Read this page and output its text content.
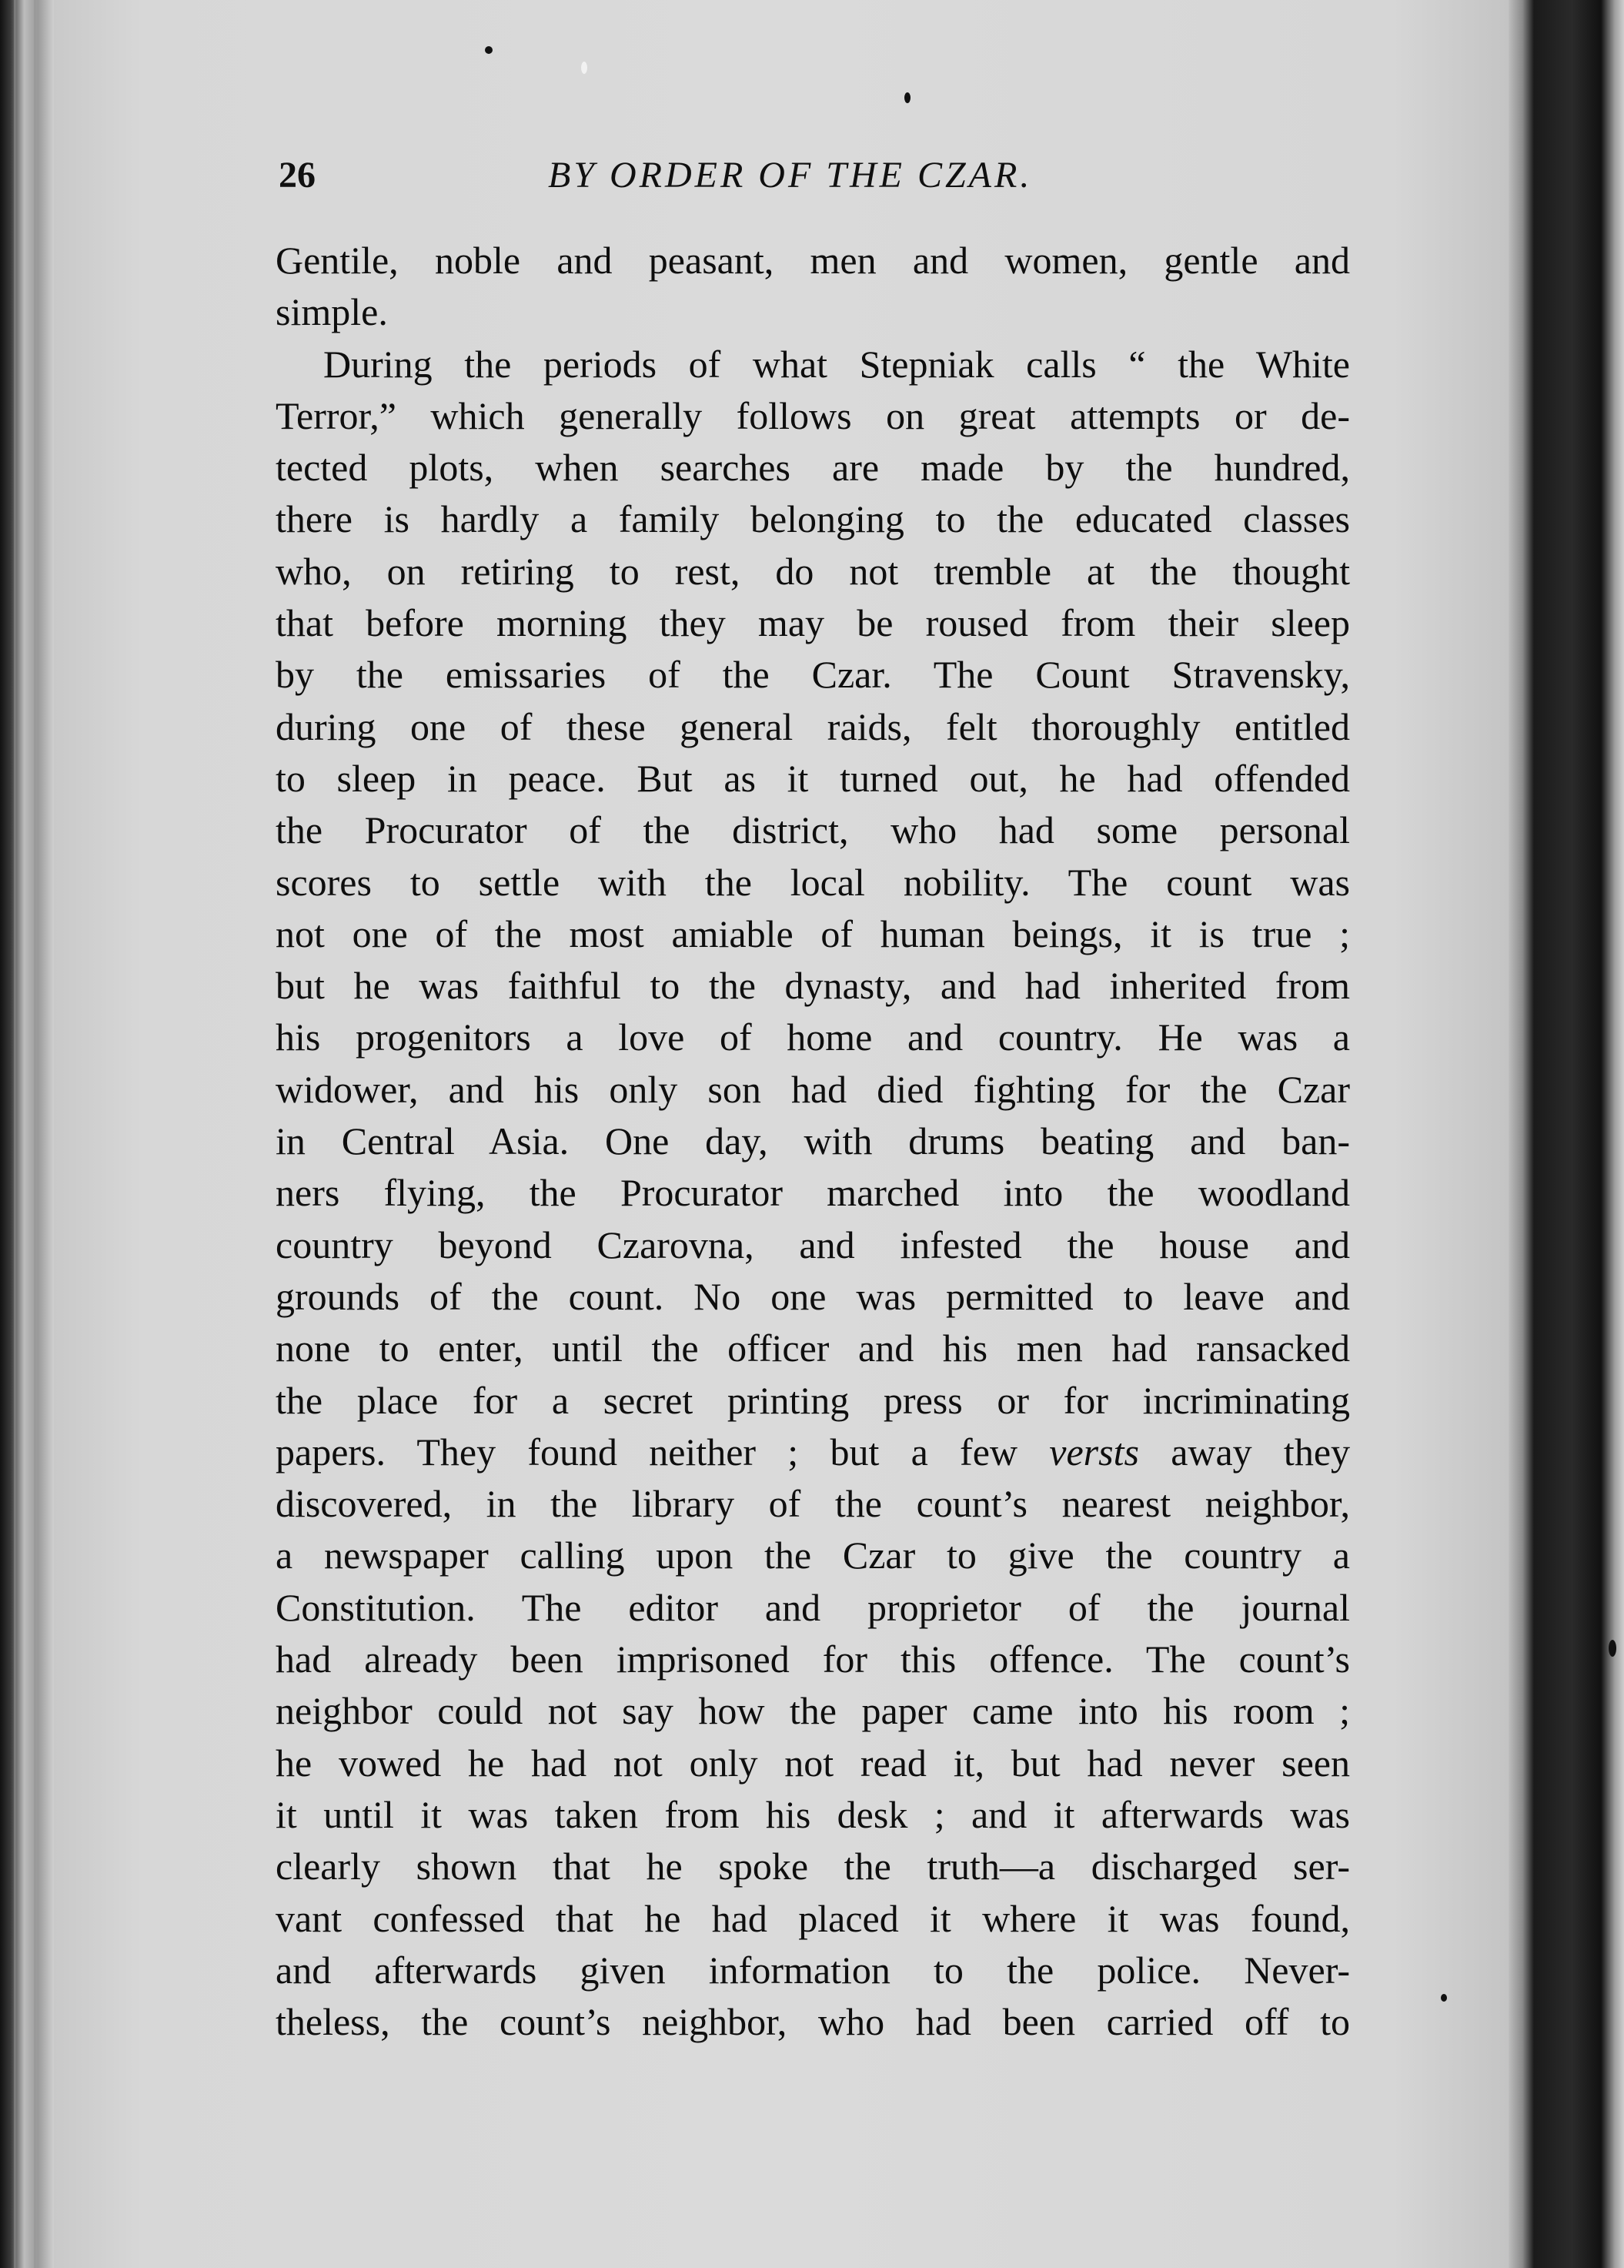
26	BY ORDER OF THE CZAR.
Gentile, noble and peasant, men and women, gentle and
simple.
During the periods of what Stepniak calls “ the White
Terror,” which generally follows on great attempts or de-
tected plots, when searches are made by the hundred,
there is hardly a family belonging to the educated classes
who, on retiring to rest, do not tremble at the thought
that before morning they may be roused from their sleep
by the emissaries of the Czar. The Count Stravensky,
during one of these general raids, felt thoroughly entitled
to sleep in peace. But as it turned out, he had offended
the Procurator of the district, who had some personal
scores to settle with the local nobility. The count was
not one of the most amiable of human beings, it is true ;
but he was faithful to the dynasty, and had inherited from
his progenitors a love of home and country. He was a
widower, and his only son had died fighting for the Czar
in Central Asia. One day, with drums beating and ban-
ners flying, the Procurator marched into the woodland
country beyond Czarovna, and infested the house and
grounds of the count. No one was permitted to leave and
none to enter, until the officer and his men had ransacked
the place for a secret printing press or for incriminating
papers. They found neither ; but a few versts away they
discovered, in the library of the count’s nearest neighbor,
a newspaper calling upon the Czar to give the country a
Constitution. The editor and proprietor of the journal
had already been imprisoned for this offence. The count’s
neighbor could not say how the paper came into his room ;
he vowed he had not only not read it, but had never seen
it until it was taken from his desk ; and it afterwards was
clearly shown that he spoke the truth—a discharged ser-
vant confessed that he had placed it where it was found,
and afterwards given information to the police. Never-
theless, the count’s neighbor, who had been carried off to
